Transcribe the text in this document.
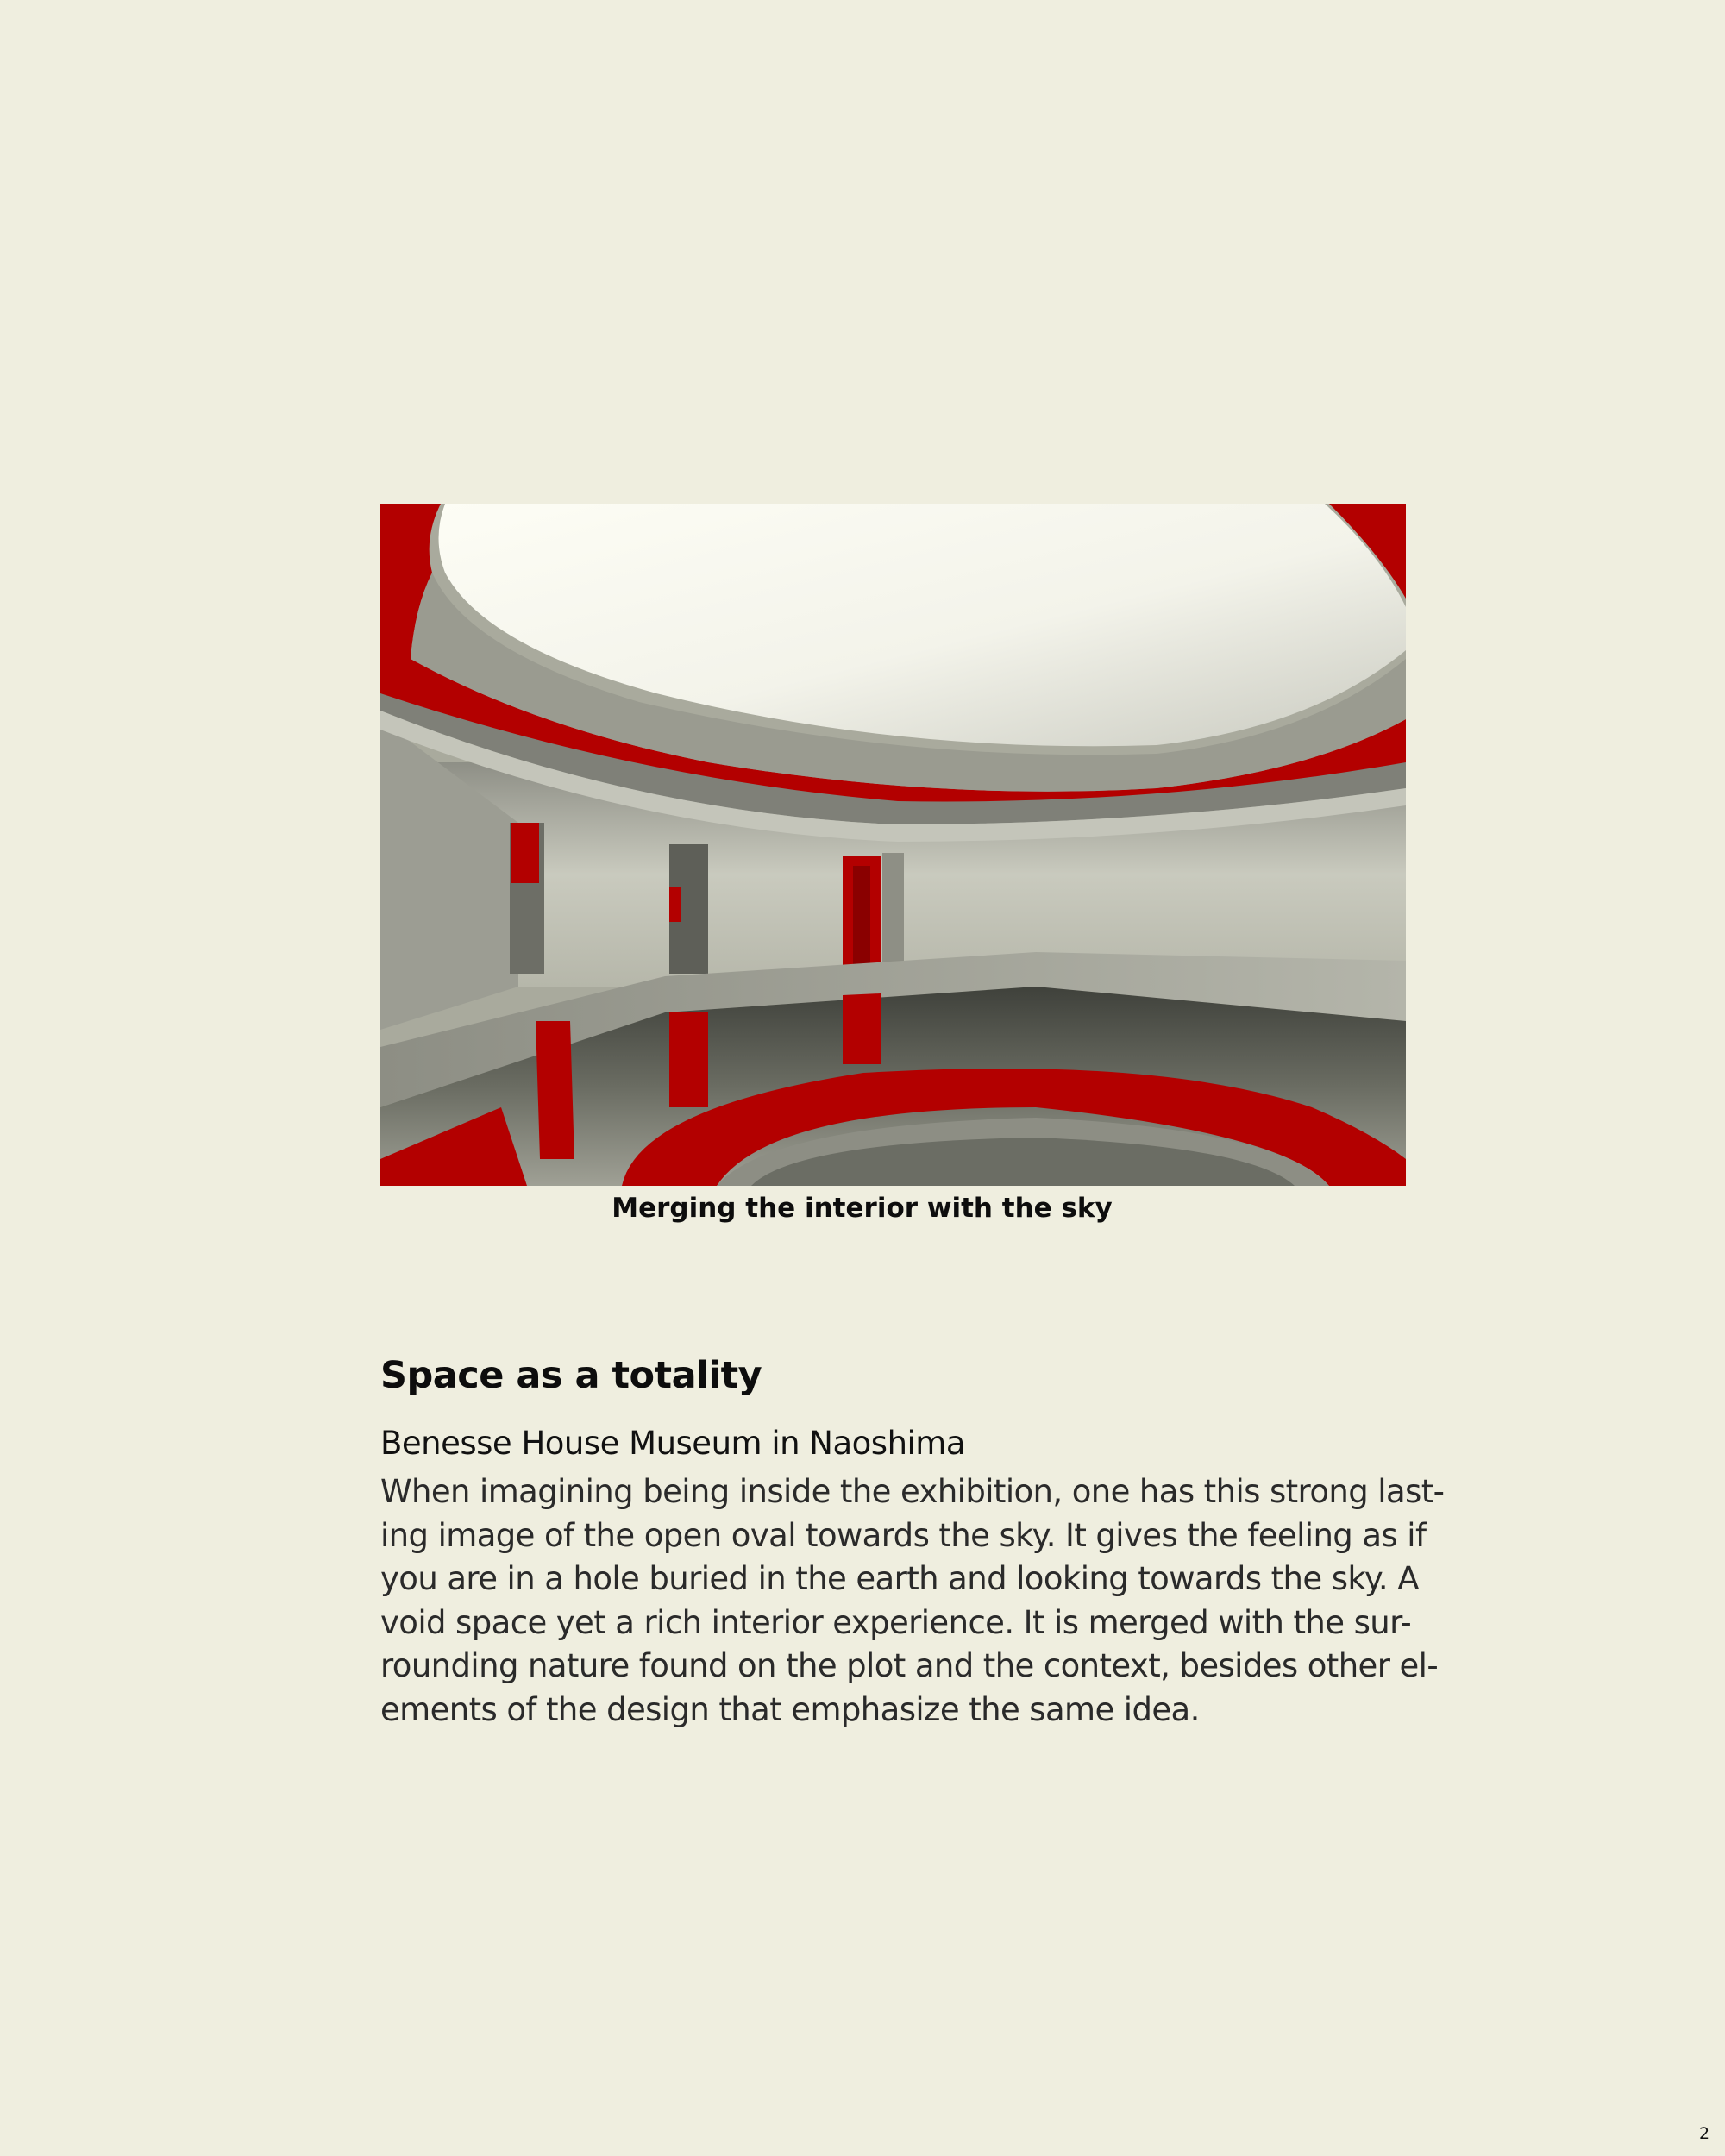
Merging the interior with the sky
Space as a totality
Benesse House Museum in Naoshima

When imagining being inside the exhibition, one has this strong last-
ing image of the open oval towards the sky. It gives the feeling as if
you are in a hole buried in the earth and looking towards the sky. A
void space yet a rich interior experience. It is merged with the sur-
rounding nature found on the plot and the context, besides other el-
ements of the design that emphasize the same idea.

2
